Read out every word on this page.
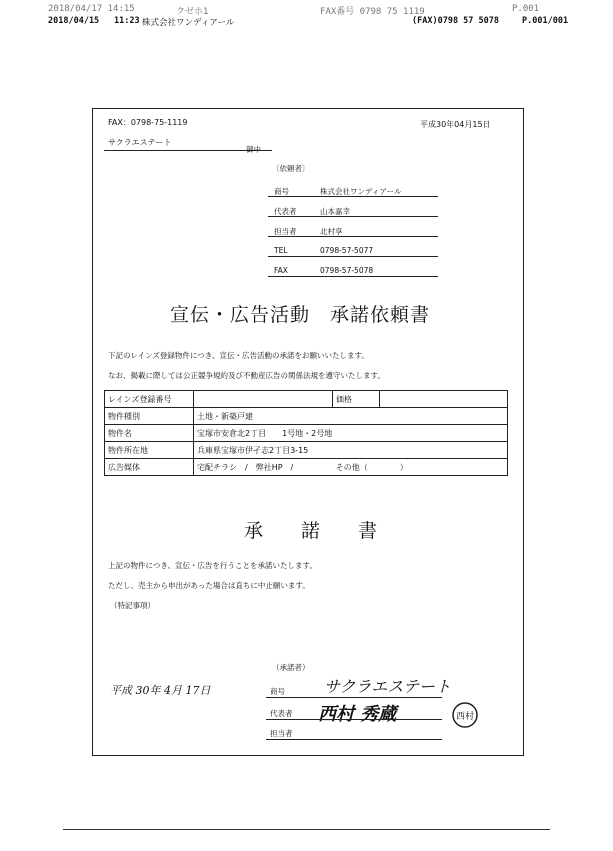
2018/04/17 14:15	クゼホ1	FAX番号 0798 75 1119	P.001
2018/04/15 11:23 株式会社ワンディアール	(FAX)0798 57 5078	P.001/001
FAX：0798-75-1119	平成30年04月15日
サクラエステート
御中
〔依頼者〕
商号	株式会社ワンディアール
代表者	山本嘉幸
担当者	北村享
TEL	0798-57-5077
FAX	0798-57-5078
宣伝・広告活動　承諾依頼書
下記のレインズ登録物件につき、宣伝・広告活動の承諾をお願いいたします。
なお、掲載に際しては公正競争規約及び不動産広告の関係法規を遵守いたします。
レインズ登録番号		価格	
物件種別	土地・新築戸建		
物件名	宝塚市安倉北2丁目　　1号地・2号地		
物件所在地	兵庫県宝塚市伊孑志2丁目3-15		
広告媒体	宅配チラシ　/　弊社HP　/ その他（　　　　）		
承　　諾　　書
上記の物件につき、宣伝・広告を行うことを承諾いたします。
ただし、売主から申出があった場合は直ちに中止願います。
（特記事項）
（承諾者）
平成 30年 4月 17日	商号 サクラエステート
代表者 西村 秀蔵
担当者
西村
